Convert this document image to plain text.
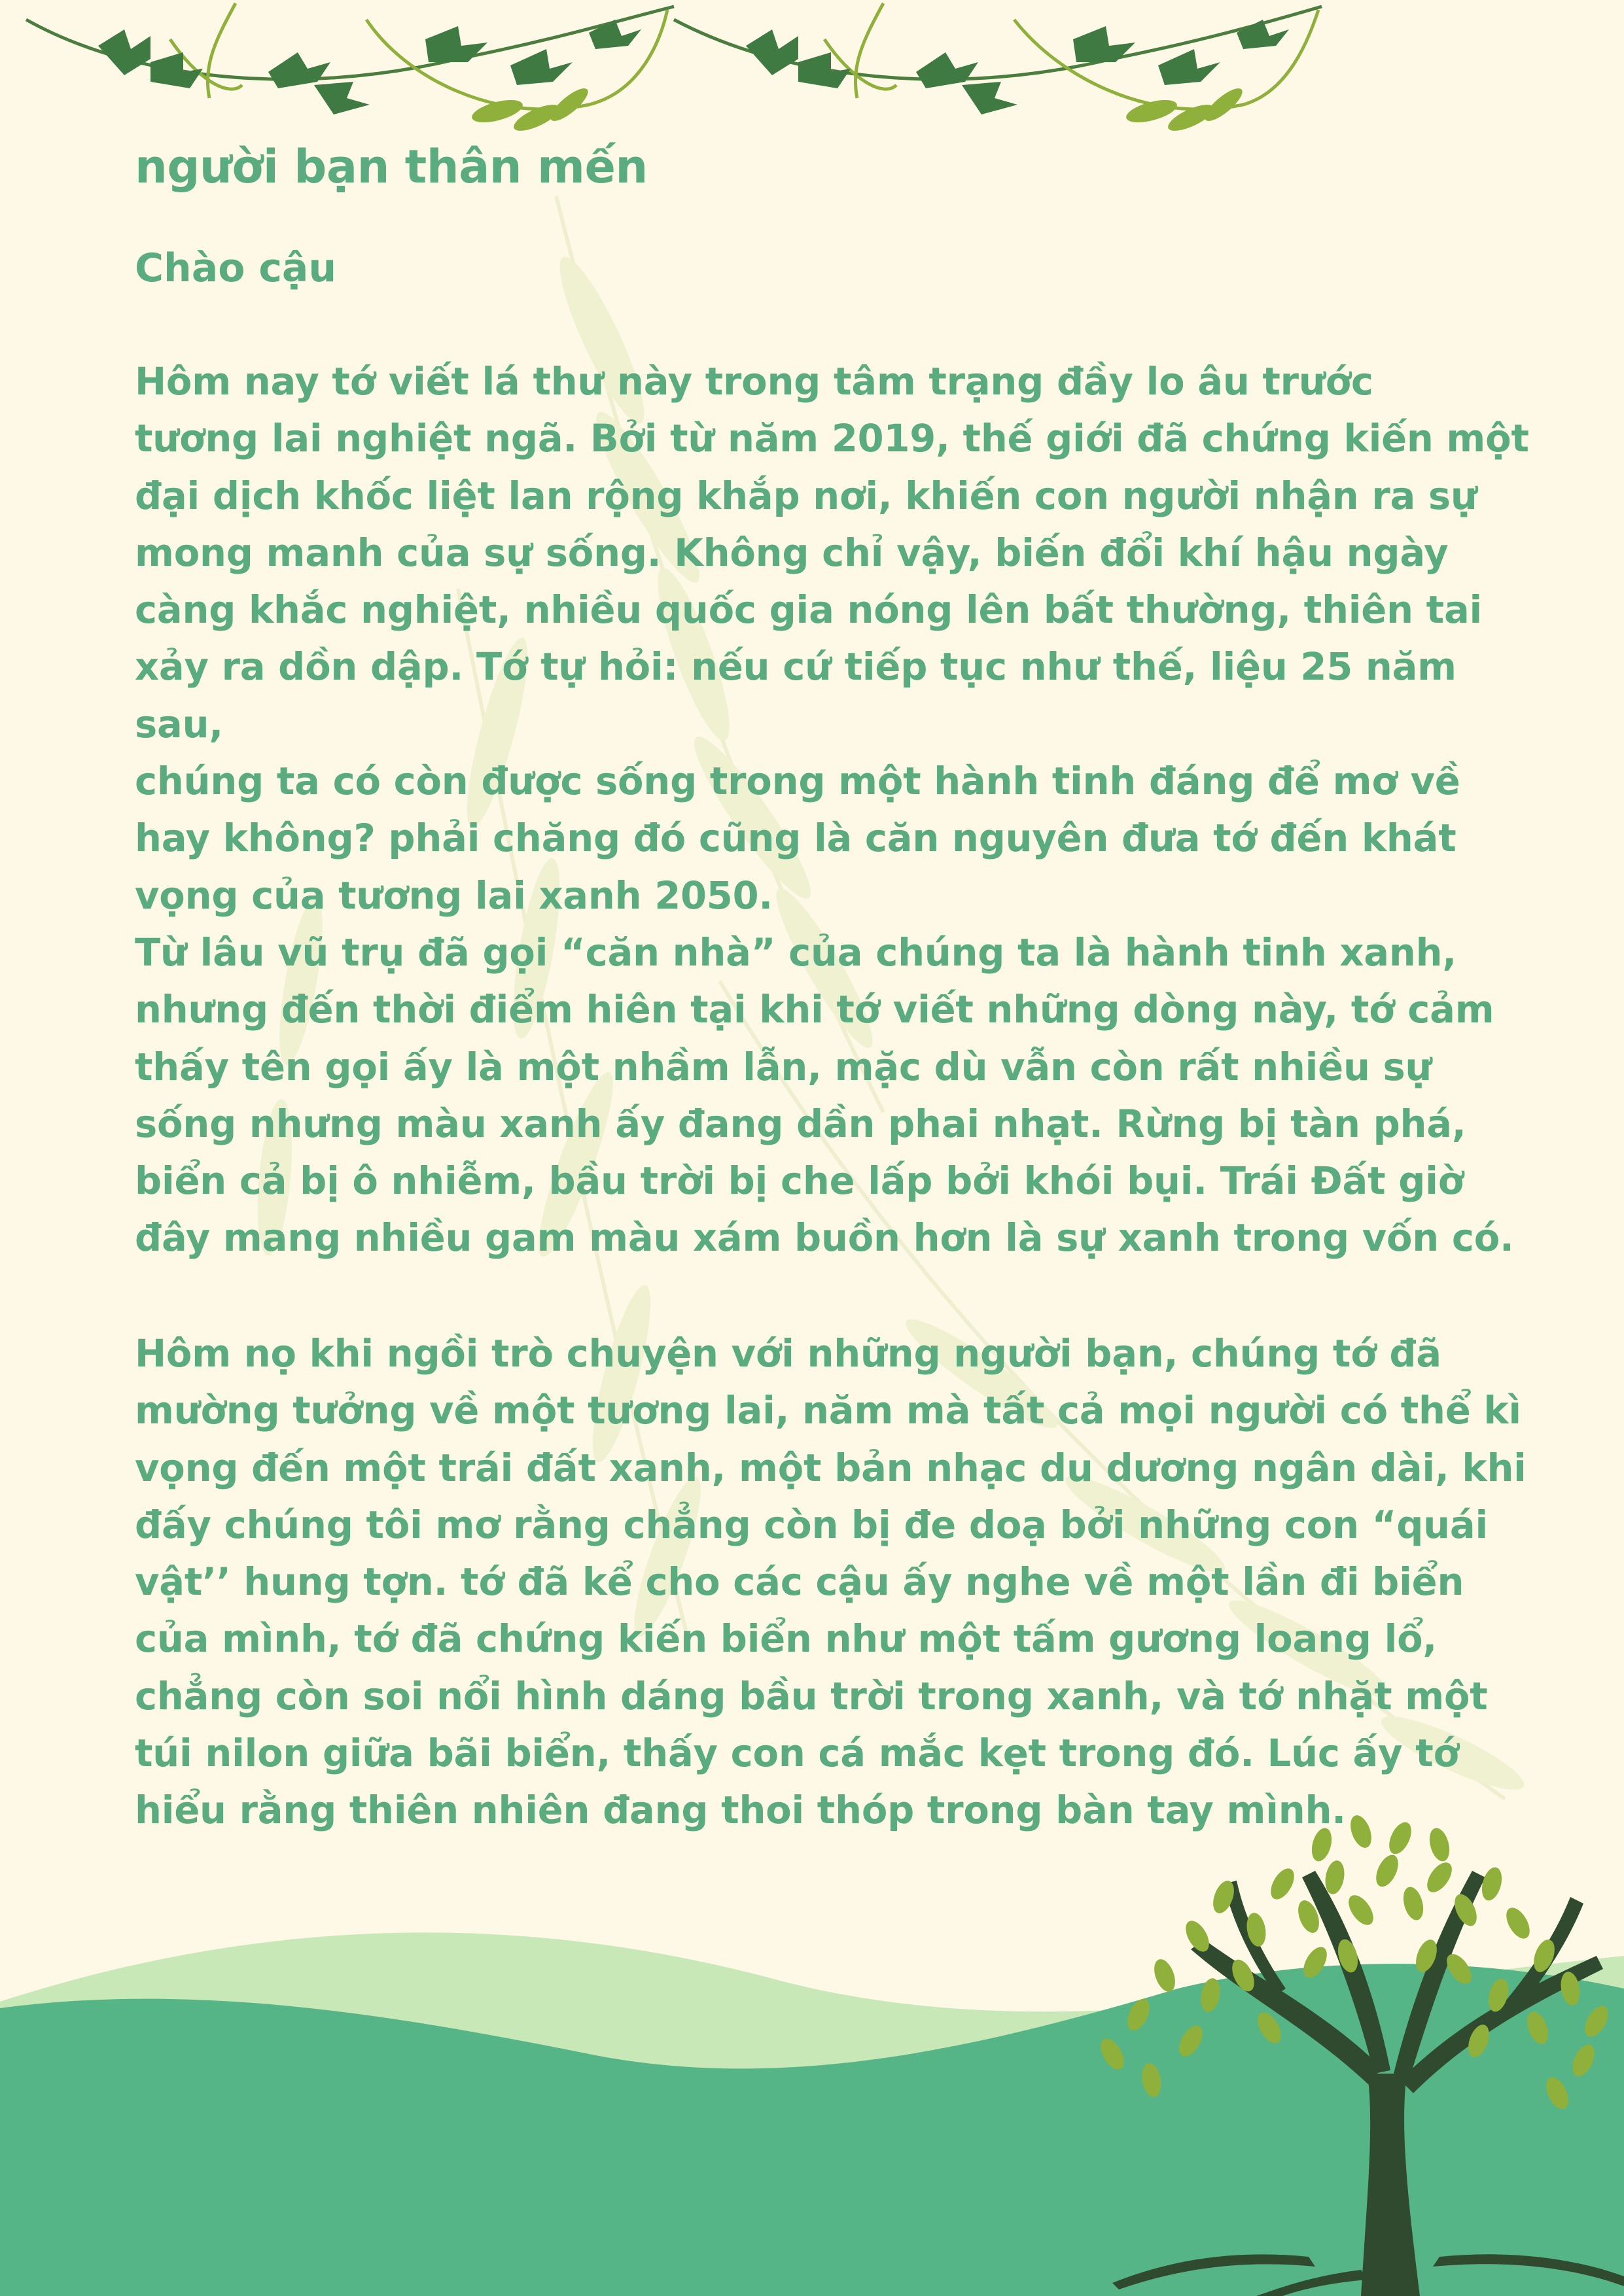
người bạn thân mến

Chào cậu

Hôm nay tớ viết lá thư này trong tâm trạng đầy lo âu trước
tương lai nghiệt ngã. Bởi từ năm 2019, thế giới đã chứng kiến một
đại dịch khốc liệt lan rộng khắp nơi, khiến con người nhận ra sự
mong manh của sự sống. Không chỉ vậy, biến đổi khí hậu ngày
càng khắc nghiệt, nhiều quốc gia nóng lên bất thường, thiên tai
xảy ra dồn dập. Tớ tự hỏi: nếu cứ tiếp tục như thế, liệu 25 năm sau,
chúng ta có còn được sống trong một hành tinh đáng để mơ về
hay không? phải chăng đó cũng là căn nguyên đưa tớ đến khát
vọng của tương lai xanh 2050.

Từ lâu vũ trụ đã gọi “căn nhà” của chúng ta là hành tinh xanh,
nhưng đến thời điểm hiên tại khi tớ viết những dòng này, tớ cảm
thấy tên gọi ấy là một nhầm lẫn, mặc dù vẫn còn rất nhiều sự
sống nhưng màu xanh ấy đang dần phai nhạt. Rừng bị tàn phá,
biển cả bị ô nhiễm, bầu trời bị che lấp bởi khói bụi. Trái Đất giờ
đây mang nhiều gam màu xám buồn hơn là sự xanh trong vốn có.

Hôm nọ khi ngồi trò chuyện với những người bạn, chúng tớ đã
mường tưởng về một tương lai, năm mà tất cả mọi người có thể kì
vọng đến một trái đất xanh, một bản nhạc du dương ngân dài, khi
đấy chúng tôi mơ rằng chẳng còn bị đe doạ bởi những con “quái
vật’’ hung tợn. tớ đã kể cho các cậu ấy nghe về một lần đi biển
của mình, tớ đã chứng kiến biển như một tấm gương loang lổ,
chẳng còn soi nổi hình dáng bầu trời trong xanh, và tớ nhặt một
túi nilon giữa bãi biển, thấy con cá mắc kẹt trong đó. Lúc ấy tớ
hiểu rằng thiên nhiên đang thoi thóp trong bàn tay mình.
